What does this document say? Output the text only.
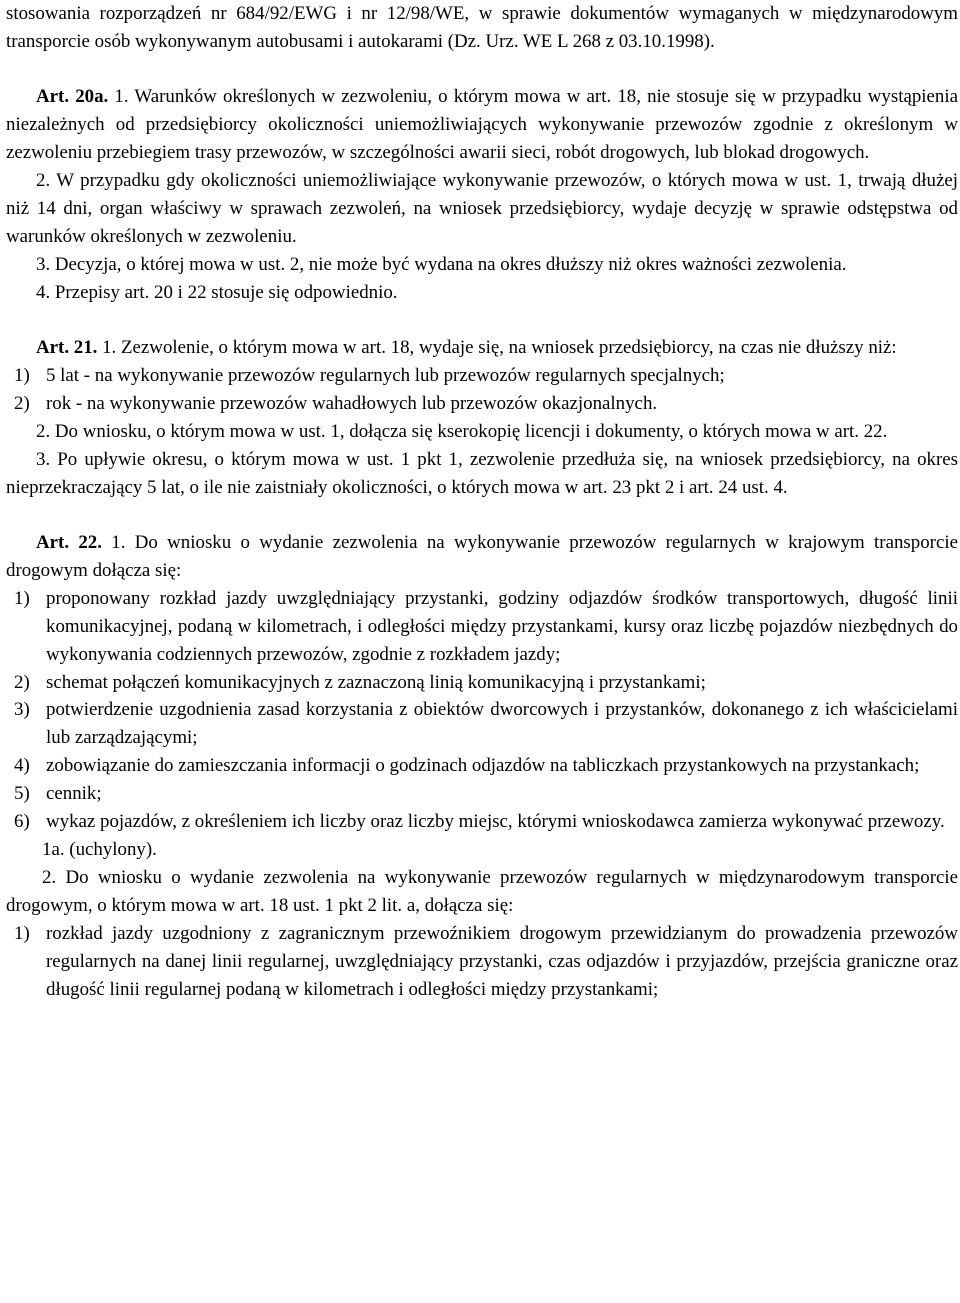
stosowania rozporządzeń nr 684/92/EWG i nr 12/98/WE, w sprawie dokumentów wymaganych w międzynarodowym transporcie osób wykonywanym autobusami i autokarami (Dz. Urz. WE L 268 z 03.10.1998).

Art. 20a. 1. Warunków określonych w zezwoleniu, o którym mowa w art. 18, nie stosuje się w przypadku wystąpienia niezależnych od przedsiębiorcy okoliczności uniemożliwiających wykonywanie przewozów zgodnie z określonym w zezwoleniu przebiegiem trasy przewozów, w szczególności awarii sieci, robót drogowych, lub blokad drogowych.

2. W przypadku gdy okoliczności uniemożliwiające wykonywanie przewozów, o których mowa w ust. 1, trwają dłużej niż 14 dni, organ właściwy w sprawach zezwoleń, na wniosek przedsiębiorcy, wydaje decyzję w sprawie odstępstwa od warunków określonych w zezwoleniu.

3. Decyzja, o której mowa w ust. 2, nie może być wydana na okres dłuższy niż okres ważności zezwolenia.

4. Przepisy art. 20 i 22 stosuje się odpowiednio.

Art. 21. 1. Zezwolenie, o którym mowa w art. 18, wydaje się, na wniosek przedsiębiorcy, na czas nie dłuższy niż:

1) 5 lat - na wykonywanie przewozów regularnych lub przewozów regularnych specjalnych;
2) rok - na wykonywanie przewozów wahadłowych lub przewozów okazjonalnych.

2. Do wniosku, o którym mowa w ust. 1, dołącza się kserokopię licencji i dokumenty, o których mowa w art. 22.

3. Po upływie okresu, o którym mowa w ust. 1 pkt 1, zezwolenie przedłuża się, na wniosek przedsiębiorcy, na okres nieprzekraczający 5 lat, o ile nie zaistniały okoliczności, o których mowa w art. 23 pkt 2 i art. 24 ust. 4.

Art. 22. 1. Do wniosku o wydanie zezwolenia na wykonywanie przewozów regularnych w krajowym transporcie drogowym dołącza się:

1) proponowany rozkład jazdy uwzględniający przystanki, godziny odjazdów środków transportowych, długość linii komunikacyjnej, podaną w kilometrach, i odległości między przystankami, kursy oraz liczbę pojazdów niezbędnych do wykonywania codziennych przewozów, zgodnie z rozkładem jazdy;
2) schemat połączeń komunikacyjnych z zaznaczoną linią komunikacyjną i przystankami;
3) potwierdzenie uzgodnienia zasad korzystania z obiektów dworcowych i przystanków, dokonanego z ich właścicielami lub zarządzającymi;
4) zobowiązanie do zamieszczania informacji o godzinach odjazdów na tabliczkach przystankowych na przystankach;
5) cennik;
6) wykaz pojazdów, z określeniem ich liczby oraz liczby miejsc, którymi wnioskodawca zamierza wykonywać przewozy.

1a. (uchylony).

2. Do wniosku o wydanie zezwolenia na wykonywanie przewozów regularnych w międzynarodowym transporcie drogowym, o którym mowa w art. 18 ust. 1 pkt 2 lit. a, dołącza się:

1) rozkład jazdy uzgodniony z zagranicznym przewoźnikiem drogowym przewidzianym do prowadzenia przewozów regularnych na danej linii regularnej, uwzględniający przystanki, czas odjazdów i przyjazdów, przejścia graniczne oraz długość linii regularnej podaną w kilometrach i odległości między przystankami;
